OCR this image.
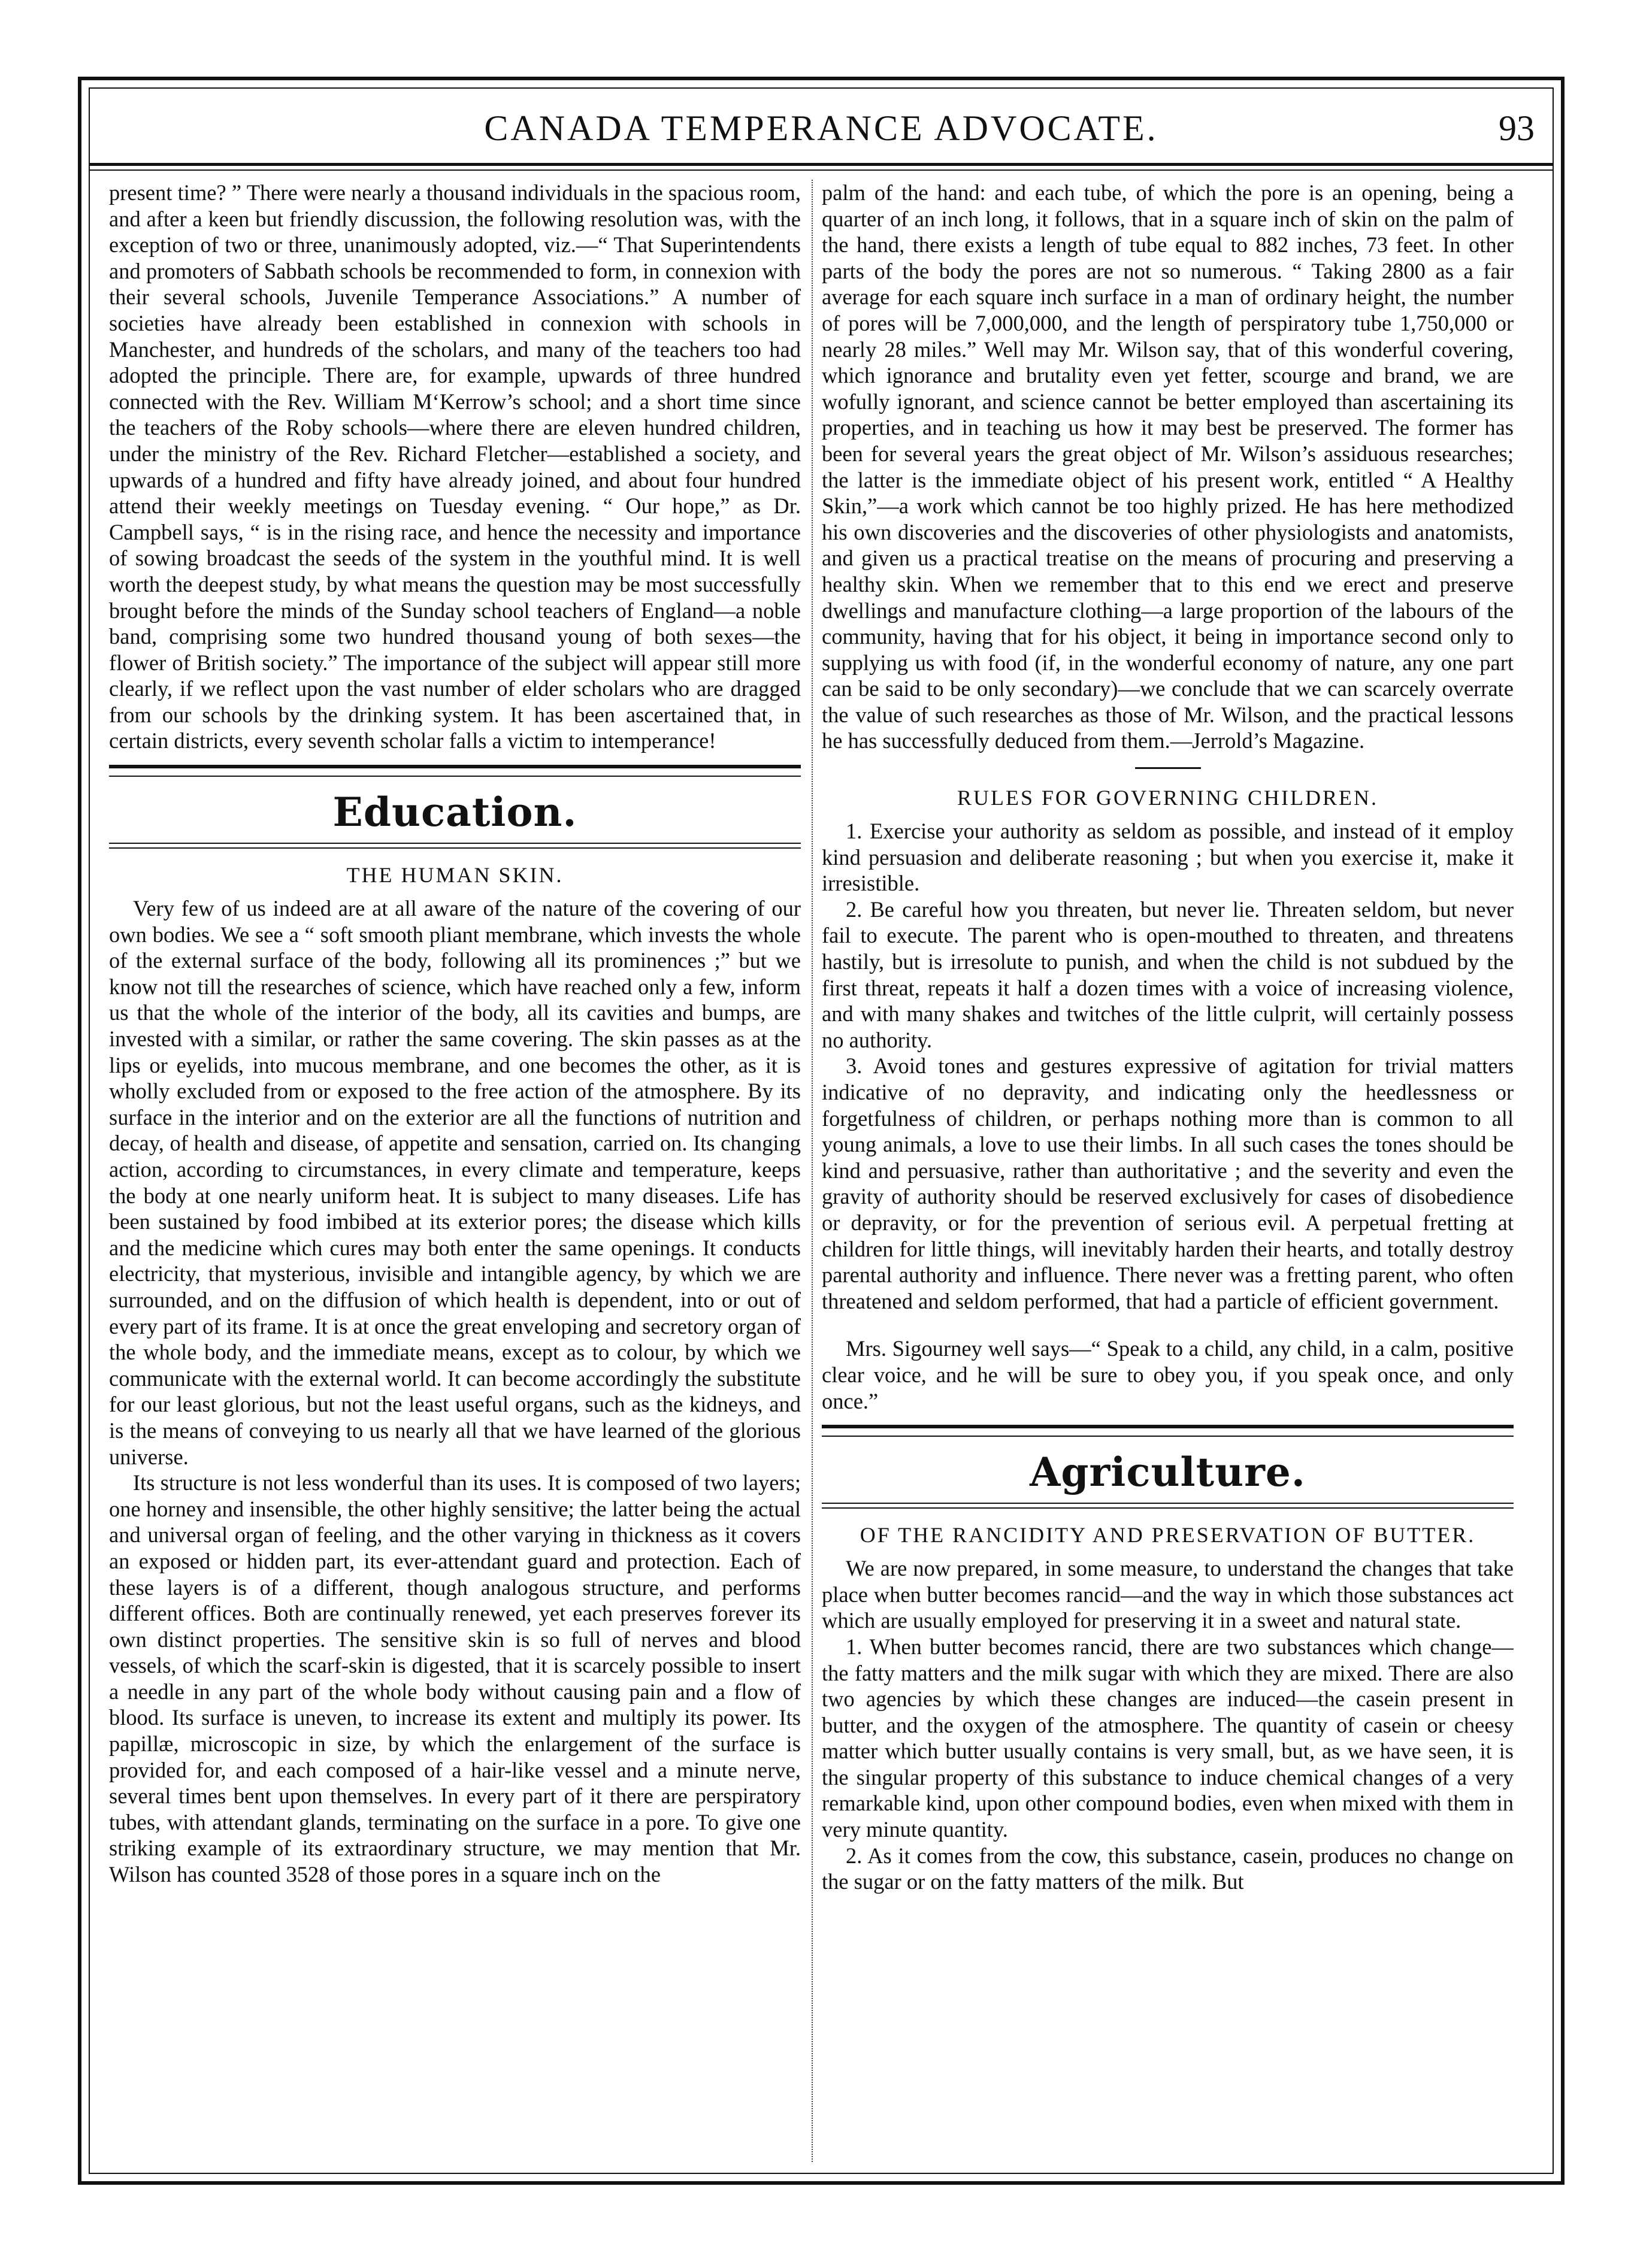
CANADA TEMPERANCE ADVOCATE.	93

present time? ” There were nearly a thousand individuals in the spacious room, and after a keen but friendly discussion, the following resolution was, with the exception of two or three, unanimously adopted, viz.—“ That Superintendents and promoters of Sabbath schools be recommended to form, in connexion with their several schools, Juvenile Temperance Associations.” A number of societies have already been established in connexion with schools in Manchester, and hundreds of the scholars, and many of the teachers too had adopted the principle. There are, for example, upwards of three hundred connected with the Rev. William M‘Kerrow’s school; and a short time since the teachers of the Roby schools—where there are eleven hundred children, under the ministry of the Rev. Richard Fletcher—established a society, and upwards of a hundred and fifty have already joined, and about four hundred attend their weekly meetings on Tuesday evening. “ Our hope,” as Dr. Campbell says, “ is in the rising race, and hence the necessity and importance of sowing broadcast the seeds of the system in the youthful mind. It is well worth the deepest study, by what means the question may be most successfully brought before the minds of the Sunday school teachers of England—a noble band, comprising some two hundred thousand young of both sexes—the flower of British society.” The importance of the subject will appear still more clearly, if we reflect upon the vast number of elder scholars who are dragged from our schools by the drinking system. It has been ascertained that, in certain districts, every seventh scholar falls a victim to intemperance!

Education.
THE HUMAN SKIN.

Very few of us indeed are at all aware of the nature of the covering of our own bodies. We see a “ soft smooth pliant membrane, which invests the whole of the external surface of the body, following all its prominences ;” but we know not till the researches of science, which have reached only a few, inform us that the whole of the interior of the body, all its cavities and bumps, are invested with a similar, or rather the same covering. The skin passes as at the lips or eyelids, into mucous membrane, and one becomes the other, as it is wholly excluded from or exposed to the free action of the atmosphere. By its surface in the interior and on the exterior are all the functions of nutrition and decay, of health and disease, of appetite and sensation, carried on. Its changing action, according to circumstances, in every climate and temperature, keeps the body at one nearly uniform heat. It is subject to many diseases. Life has been sustained by food imbibed at its exterior pores; the disease which kills and the medicine which cures may both enter the same openings. It conducts electricity, that mysterious, invisible and intangible agency, by which we are surrounded, and on the diffusion of which health is dependent, into or out of every part of its frame. It is at once the great enveloping and secretory organ of the whole body, and the immediate means, except as to colour, by which we communicate with the external world. It can become accordingly the substitute for our least glorious, but not the least useful organs, such as the kidneys, and is the means of conveying to us nearly all that we have learned of the glorious universe.

Its structure is not less wonderful than its uses. It is composed of two layers; one horney and insensible, the other highly sensitive; the latter being the actual and universal organ of feeling, and the other varying in thickness as it covers an exposed or hidden part, its ever-attendant guard and protection. Each of these layers is of a different, though analogous structure, and performs different offices. Both are continually renewed, yet each preserves forever its own distinct properties. The sensitive skin is so full of nerves and blood vessels, of which the scarf-skin is digested, that it is scarcely possible to insert a needle in any part of the whole body without causing pain and a flow of blood. Its surface is uneven, to increase its extent and multiply its power. Its papillæ, microscopic in size, by which the enlargement of the surface is provided for, and each composed of a hair-like vessel and a minute nerve, several times bent upon themselves. In every part of it there are perspiratory tubes, with attendant glands, terminating on the surface in a pore. To give one striking example of its extraordinary structure, we may mention that Mr. Wilson has counted 3528 of those pores in a square inch on the

palm of the hand: and each tube, of which the pore is an opening, being a quarter of an inch long, it follows, that in a square inch of skin on the palm of the hand, there exists a length of tube equal to 882 inches, 73 feet. In other parts of the body the pores are not so numerous. “ Taking 2800 as a fair average for each square inch surface in a man of ordinary height, the number of pores will be 7,000,000, and the length of perspiratory tube 1,750,000 or nearly 28 miles.” Well may Mr. Wilson say, that of this wonderful covering, which ignorance and brutality even yet fetter, scourge and brand, we are wofully ignorant, and science cannot be better employed than ascertaining its properties, and in teaching us how it may best be preserved. The former has been for several years the great object of Mr. Wilson’s assiduous researches; the latter is the immediate object of his present work, entitled “ A Healthy Skin,”—a work which cannot be too highly prized. He has here methodized his own discoveries and the discoveries of other physiologists and anatomists, and given us a practical treatise on the means of procuring and preserving a healthy skin. When we remember that to this end we erect and preserve dwellings and manufacture clothing—a large proportion of the labours of the community, having that for his object, it being in importance second only to supplying us with food (if, in the wonderful economy of nature, any one part can be said to be only secondary)—we conclude that we can scarcely overrate the value of such researches as those of Mr. Wilson, and the practical lessons he has successfully deduced from them.—Jerrold’s Magazine.

RULES FOR GOVERNING CHILDREN.

1. Exercise your authority as seldom as possible, and instead of it employ kind persuasion and deliberate reasoning ; but when you exercise it, make it irresistible.

2. Be careful how you threaten, but never lie. Threaten seldom, but never fail to execute. The parent who is open-mouthed to threaten, and threatens hastily, but is irresolute to punish, and when the child is not subdued by the first threat, repeats it half a dozen times with a voice of increasing violence, and with many shakes and twitches of the little culprit, will certainly possess no authority.

3. Avoid tones and gestures expressive of agitation for trivial matters indicative of no depravity, and indicating only the heedlessness or forgetfulness of children, or perhaps nothing more than is common to all young animals, a love to use their limbs. In all such cases the tones should be kind and persuasive, rather than authoritative ; and the severity and even the gravity of authority should be reserved exclusively for cases of disobedience or depravity, or for the prevention of serious evil. A perpetual fretting at children for little things, will inevitably harden their hearts, and totally destroy parental authority and influence. There never was a fretting parent, who often threatened and seldom performed, that had a particle of efficient government.

Mrs. Sigourney well says—“ Speak to a child, any child, in a calm, positive clear voice, and he will be sure to obey you, if you speak once, and only once.”

Agriculture.
OF THE RANCIDITY AND PRESERVATION OF BUTTER.

We are now prepared, in some measure, to understand the changes that take place when butter becomes rancid—and the way in which those substances act which are usually employed for preserving it in a sweet and natural state.

1. When butter becomes rancid, there are two substances which change—the fatty matters and the milk sugar with which they are mixed. There are also two agencies by which these changes are induced—the casein present in butter, and the oxygen of the atmosphere. The quantity of casein or cheesy matter which butter usually contains is very small, but, as we have seen, it is the singular property of this substance to induce chemical changes of a very remarkable kind, upon other compound bodies, even when mixed with them in very minute quantity.

2. As it comes from the cow, this substance, casein, produces no change on the sugar or on the fatty matters of the milk. But
